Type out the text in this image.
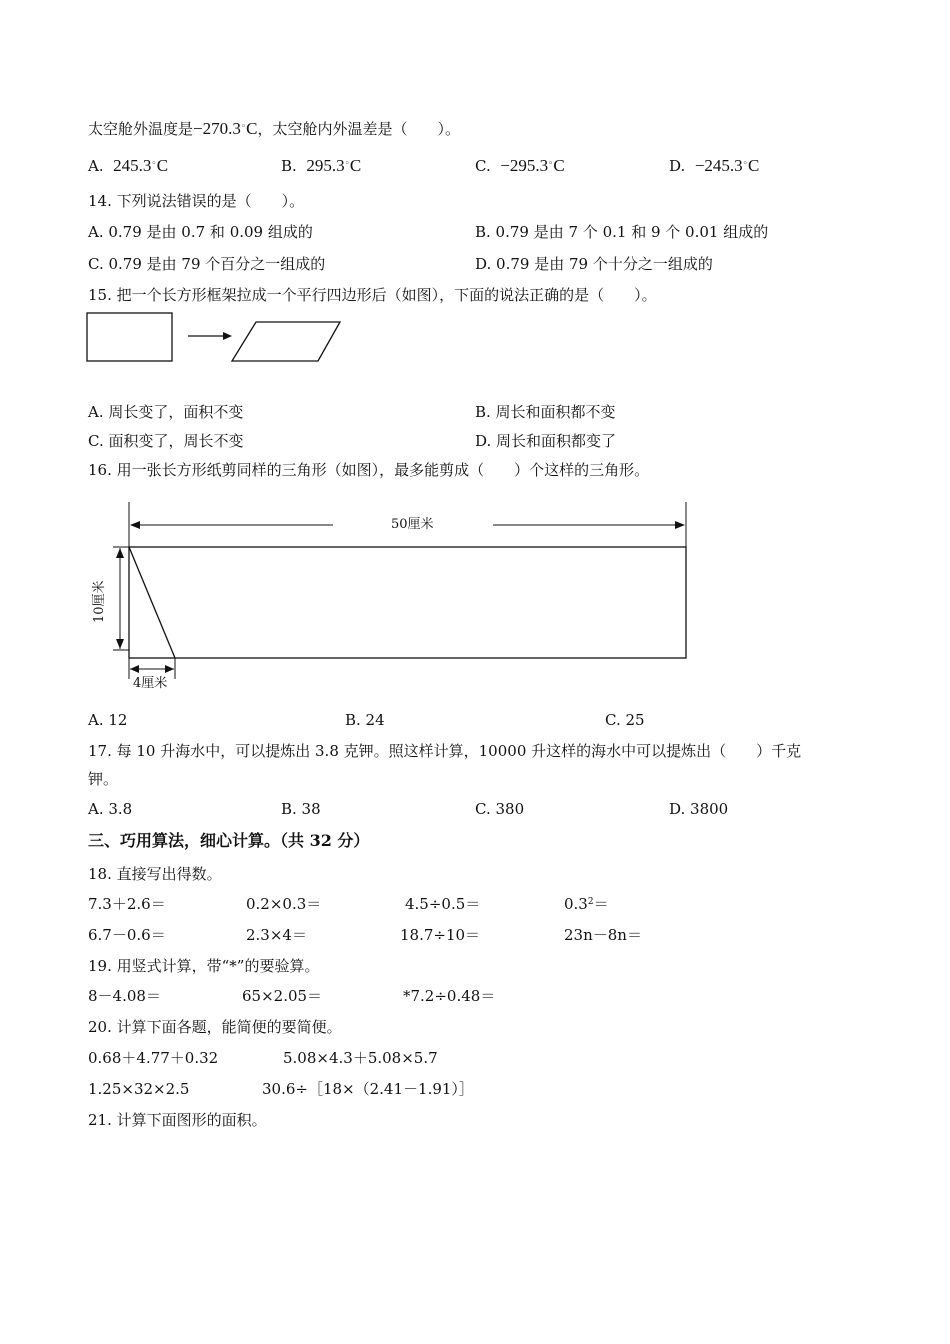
太空舱外温度是−270.3◦C，太空舱内外温差是（　　）。
A. 245.3◦C	B. 295.3◦C	C. −295.3◦C	D. −245.3◦C
14. 下列说法错误的是（　　）。
A. 0.79 是由 0.7 和 0.09 组成的	B. 0.79 是由 7 个 0.1 和 9 个 0.01 组成的
C. 0.79 是由 79 个百分之一组成的	D. 0.79 是由 79 个十分之一组成的
15. 把一个长方形框架拉成一个平行四边形后（如图），下面的说法正确的是（　　）。
A. 周长变了，面积不变	B. 周长和面积都不变
C. 面积变了，周长不变	D. 周长和面积都变了
16. 用一张长方形纸剪同样的三角形（如图），最多能剪成（　　）个这样的三角形。
50厘米
10厘米
4厘米
A. 12	B. 24	C. 25
17. 每 10 升海水中，可以提炼出 3.8 克钾。照这样计算，10000 升这样的海水中可以提炼出（　　）千克
钾。
A. 3.8	B. 38	C. 380	D. 3800
三、巧用算法，细心计算。（共 32 分）
18. 直接写出得数。
7.3＋2.6＝	0.2×0.3＝	4.5÷0.5＝	$0.3^2=$
6.7－0.6＝	2.3×4＝	18.7÷10＝	23n－8n＝
19. 用竖式计算，带“*”的要验算。
8－4.08＝	65×2.05＝	*7.2÷0.48＝
20. 计算下面各题，能简便的要简便。
0.68＋4.77＋0.32	5.08×4.3＋5.08×5.7
1.25×32×2.5	30.6÷［18×（2.41－1.91）］
21. 计算下面图形的面积。
